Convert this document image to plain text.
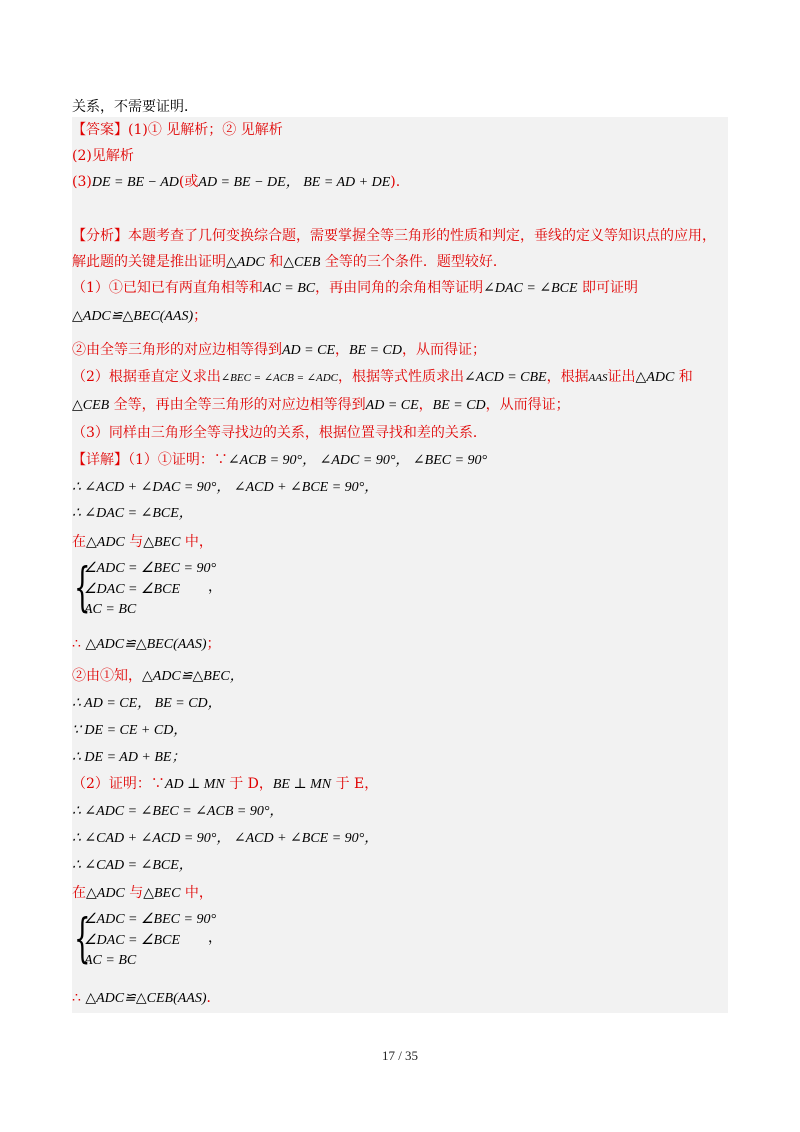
关系，不需要证明．
【答案】(1)① 见解析；② 见解析
(2)见解析
(3)DE = BE − AD(或AD = BE − DE， BE = AD + DE).
【分析】本题考查了几何变换综合题，需要掌握全等三角形的性质和判定，垂线的定义等知识点的应用，
解此题的关键是推出证明△ADC 和△CEB 全等的三个条件．题型较好．
（1）①已知已有两直角相等和AC = BC，再由同角的余角相等证明∠DAC = ∠BCE 即可证明
△ADC≌△BEC(AAS)；
②由全等三角形的对应边相等得到AD = CE，BE = CD，从而得证；
（2）根据垂直定义求出∠BEC = ∠ACB = ∠ADC，根据等式性质求出∠ACD = CBE，根据AAS证出△ADC 和
△CEB 全等，再由全等三角形的对应边相等得到AD = CE，BE = CD，从而得证；
（3）同样由三角形全等寻找边的关系，根据位置寻找和差的关系．
【详解】（1）①证明：∵∠ACB = 90°， ∠ADC = 90°， ∠BEC = 90°
∴ ∠ACD + ∠DAC = 90°， ∠ACD + ∠BCE = 90°，
∴ ∠DAC = ∠BCE，
在△ADC 与△BEC 中，
{
∠ADC = ∠BEC = 90°
∠DAC = ∠BCE
AC = BC
，
∴ △ADC≌△BEC(AAS)；
②由①知，△ADC≌△BEC，
∴ AD = CE， BE = CD，
∵ DE = CE + CD，
∴ DE = AD + BE；
（2）证明：∵AD ⊥ MN 于 D，BE ⊥ MN 于 E，
∴ ∠ADC = ∠BEC = ∠ACB = 90°，
∴ ∠CAD + ∠ACD = 90°， ∠ACD + ∠BCE = 90°，
∴ ∠CAD = ∠BCE，
在△ADC 与△BEC 中，
{
∠ADC = ∠BEC = 90°
∠DAC = ∠BCE
AC = BC
，
∴ △ADC≌△CEB(AAS)．
17 / 35
